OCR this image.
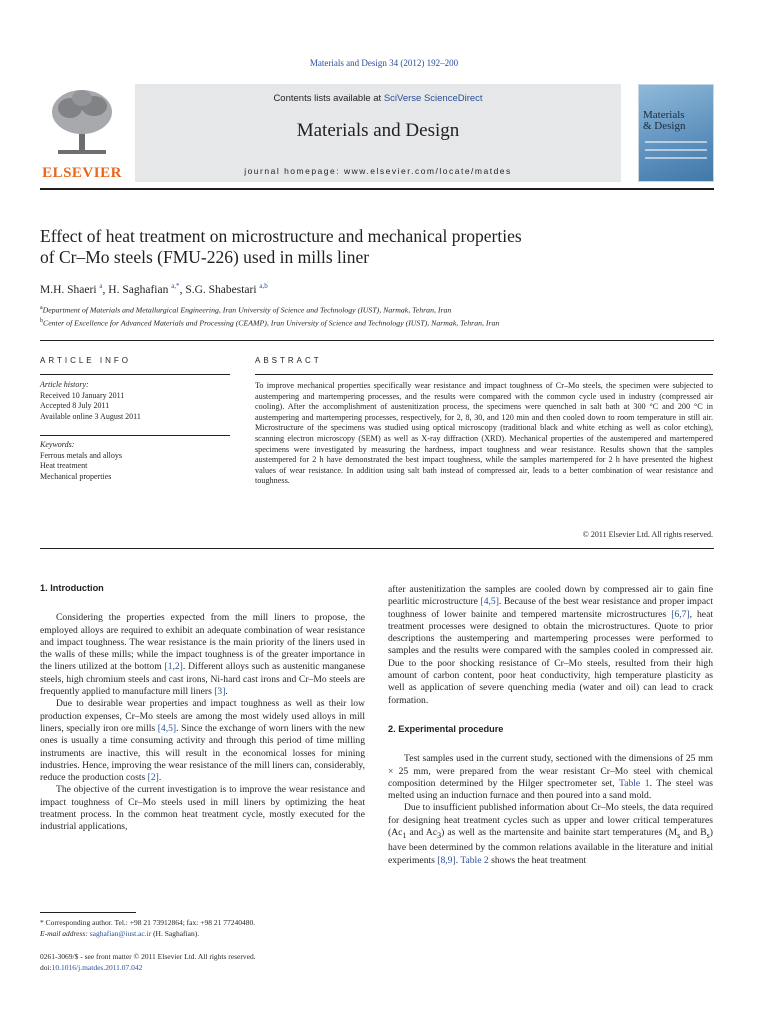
Materials and Design 34 (2012) 192–200
ELSEVIER
Contents lists available at SciVerse ScienceDirect
Materials and Design
journal homepage: www.elsevier.com/locate/matdes
Materials
& Design
Effect of heat treatment on microstructure and mechanical properties
of Cr–Mo steels (FMU-226) used in mills liner
M.H. Shaeri $^a$, H. Saghafian $^{a,*}$, S.G. Shabestari $^{a,b}$
$^a$Department of Materials and Metallurgical Engineering, Iran University of Science and Technology (IUST), Narmak, Tehran, Iran
$^b$Center of Excellence for Advanced Materials and Processing (CEAMP), Iran University of Science and Technology (IUST), Narmak, Tehran, Iran
ARTICLE INFO	ABSTRACT
Article history:
Received 10 January 2011
Accepted 8 July 2011
Available online 3 August 2011
Keywords:
Ferrous metals and alloys
Heat treatment
Mechanical properties
To improve mechanical properties specifically wear resistance and impact toughness of Cr–Mo steels, the specimen were subjected to austempering and martempering processes, and the results were compared with the common cycle used in industry (compressed air cooling). After the accomplishment of austenitization process, the specimens were quenched in salt bath at 300 °C and 200 °C in austempering and martempering processes, respectively, for 2, 8, 30, and 120 min and then cooled down to room temperature in still air. Microstructure of the specimens was studied using optical microscopy (traditional black and white etching as well as color etching), scanning electron microscopy (SEM) as well as X-ray diffraction (XRD). Mechanical properties of the austempered and martempered specimens were investigated by measuring the hardness, impact toughness and wear resistance. Results shown that the samples austempered for 2 h have demonstrated the best impact toughness, while the samples martempered for 2 h have presented the highest values of wear resistance. In addition using salt bath instead of compressed air, leads to a better combination of wear resistance and toughness.
© 2011 Elsevier Ltd. All rights reserved.
1. Introduction

Considering the properties expected from the mill liners to propose, the employed alloys are required to exhibit an adequate combination of wear resistance and impact toughness. The wear resistance is the main priority of the liners used in the walls of these mills; while the impact toughness is of the greater importance in the liners utilized at the bottom [1,2]. Different alloys such as austenitic manganese steels, high chromium steels and cast irons, Ni-hard cast irons and Cr–Mo steels are frequently applied to manufacture mill liners [3].

Due to desirable wear properties and impact toughness as well as their low production expenses, Cr–Mo steels are among the most widely used alloys in mill liners, specially iron ore mills [4,5]. Since the exchange of worn liners with the new ones is usually a time consuming activity and through this period of time milling instruments are inactive, this will result in the economical losses for mining industries. Hence, improving the wear resistance of the mill liners can, considerably, reduce the production costs [2].

The objective of the current investigation is to improve the wear resistance and impact toughness of Cr–Mo steels used in mill liners by optimizing the heat treatment process. In the common heat treatment cycle, mostly executed for the industrial applications,

after austenitization the samples are cooled down by compressed air to gain fine pearlitic microstructure [4,5]. Because of the best wear resistance and proper impact toughness of lower bainite and tempered martensite microstructures [6,7], heat treatment processes were designed to obtain the microstructures. Quote to prior descriptions the austempering and martempering processes were performed to samples and the results were compared with the samples cooled in compressed air. Due to the poor shocking resistance of Cr–Mo steels, resulted from their high amount of carbon content, poor heat conductivity, high temperature plasticity as well as application of severe quenching media (water and oil) can lead to crack formation.

2. Experimental procedure

Test samples used in the current study, sectioned with the dimensions of 25 mm × 25 mm, were prepared from the wear resistant Cr–Mo steel with chemical composition determined by the Hilger spectrometer set, Table 1. The steel was melted using an induction furnace and then poured into a sand mold.

Due to insufficient published information about Cr–Mo steels, the data required for designing heat treatment cycles such as upper and lower critical temperatures ($Ac_1$ and $Ac_3$) as well as the martensite and bainite start temperatures ($M_s$ and $B_s$) have been determined by the common relations available in the literature and initial experiments [8,9]. Table 2 shows the heat treatment

* Corresponding author. Tel.: +98 21 73912864; fax: +98 21 77240480.
E-mail address: saghafian@iust.ac.ir (H. Saghafian).
0261-3069/$ - see front matter © 2011 Elsevier Ltd. All rights reserved.
doi:10.1016/j.matdes.2011.07.042
